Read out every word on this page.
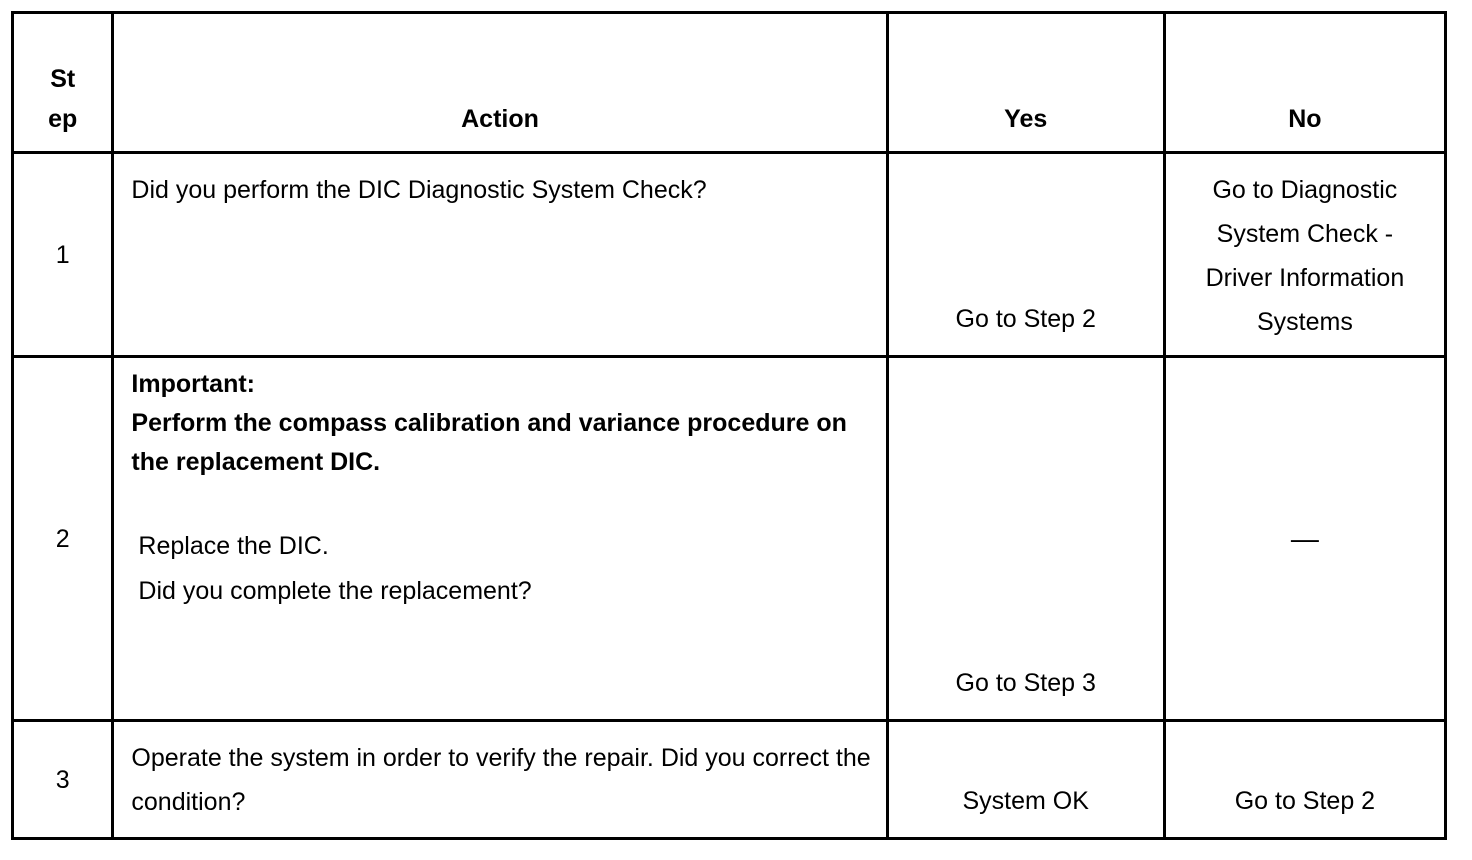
St
ep	Action	Yes	No
1	Did you perform the DIC Diagnostic System Check?	Go to Step 2	Go to Diagnostic
System Check -
Driver Information
Systems

2	Important:
Perform the compass calibration and variance procedure on the replacement DIC.
Replace the DIC.
Did you complete the replacement?	Go to Step 3	—
3	Operate the system in order to verify the repair. Did you correct the condition?	System OK	Go to Step 2
